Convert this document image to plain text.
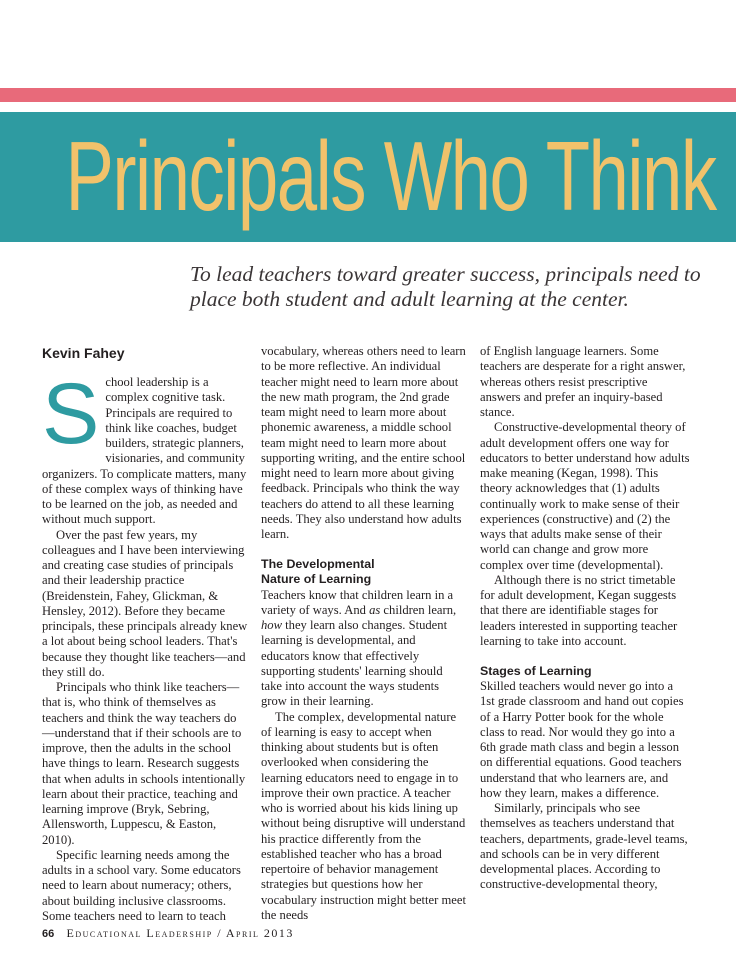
Principals Who Think

To lead teachers toward greater success, principals need to place both student and adult learning at the center.

Kevin Fahey
S chool leadership is a complex cognitive task. Principals are required to think like coaches, budget builders, strategic planners, visionaries, and community organizers. To complicate matters, many of these complex ways of thinking have to be learned on the job, as needed and without much support.

Over the past few years, my colleagues and I have been interviewing and creating case studies of principals and their leadership practice (Breidenstein, Fahey, Glickman, & Hensley, 2012). Before they became principals, these principals already knew a lot about being school leaders. That's because they thought like teachers—and they still do.

Principals who think like teachers—that is, who think of themselves as teachers and think the way teachers do—understand that if their schools are to improve, then the adults in the school have things to learn. Research suggests that when adults in schools intentionally learn about their practice, teaching and learning improve (Bryk, Sebring, Allensworth, Luppescu, & Easton, 2010).

Specific learning needs among the adults in a school vary. Some educators need to learn about numeracy; others, about building inclusive classrooms. Some teachers need to learn to teach

vocabulary, whereas others need to learn to be more reflective. An individual teacher might need to learn more about the new math program, the 2nd grade team might need to learn more about phonemic awareness, a middle school team might need to learn more about supporting writing, and the entire school might need to learn more about giving feedback. Principals who think the way teachers do attend to all these learning needs. They also understand how adults learn.

The Developmental
Nature of Learning

Teachers know that children learn in a variety of ways. And as children learn, how they learn also changes. Student learning is developmental, and educators know that effectively supporting students' learning should take into account the ways students grow in their learning.

The complex, developmental nature of learning is easy to accept when thinking about students but is often overlooked when considering the learning educators need to engage in to improve their own practice. A teacher who is worried about his kids lining up without being disruptive will understand his practice differently from the established teacher who has a broad repertoire of behavior management strategies but questions how her vocabulary instruction might better meet the needs

of English language learners. Some teachers are desperate for a right answer, whereas others resist prescriptive answers and prefer an inquiry-based stance.

Constructive-developmental theory of adult development offers one way for educators to better understand how adults make meaning (Kegan, 1998). This theory acknowledges that (1) adults continually work to make sense of their experiences (constructive) and (2) the ways that adults make sense of their world can change and grow more complex over time (developmental).

Although there is no strict timetable for adult development, Kegan suggests that there are identifiable stages for leaders interested in supporting teacher learning to take into account.

Stages of Learning

Skilled teachers would never go into a 1st grade classroom and hand out copies of a Harry Potter book for the whole class to read. Nor would they go into a 6th grade math class and begin a lesson on differential equations. Good teachers understand that who learners are, and how they learn, makes a difference.

Similarly, principals who see themselves as teachers understand that teachers, departments, grade-level teams, and schools can be in very different developmental places. According to constructive-developmental theory,

66 Educational Leadership / April 2013
